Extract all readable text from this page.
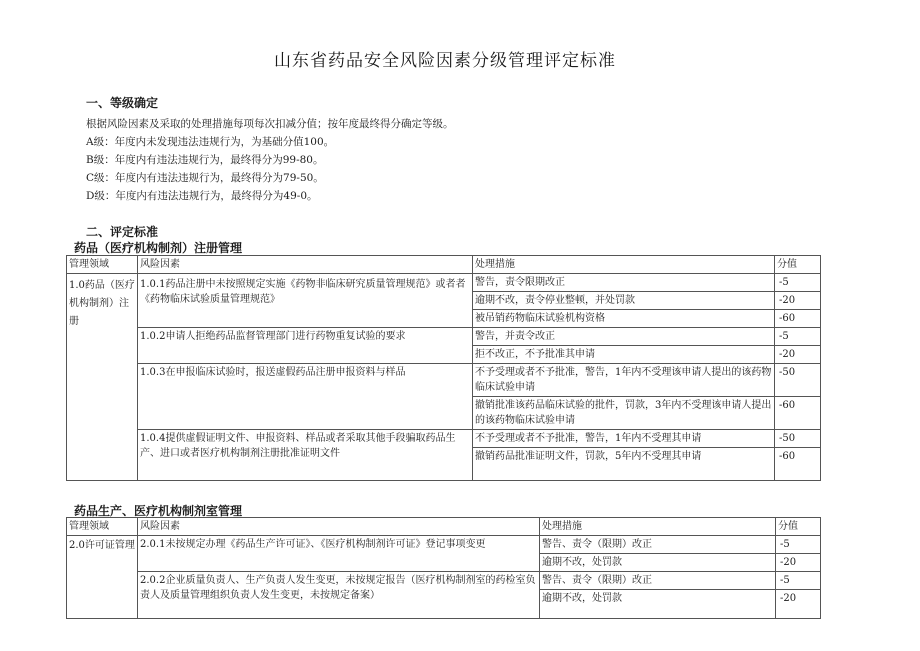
山东省药品安全风险因素分级管理评定标准
一、等级确定
根据风险因素及采取的处理措施每项每次扣减分值；按年度最终得分确定等级。
A级：年度内未发现违法违规行为，为基础分值100。
B级：年度内有违法违规行为，最终得分为99-80。
C级：年度内有违法违规行为，最终得分为79-50。
D级：年度内有违法违规行为，最终得分为49-0。
二、评定标准
药品（医疗机构制剂）注册管理
管理领域	风险因素	处理措施	分值
1.0药品（医疗机构制剂）注册	1.0.1药品注册中未按照规定实施《药物非临床研究质量管理规范》或者者《药物临床试验质量管理规范》	警告，责令限期改正	-5
		逾期不改，责令停业整顿，并处罚款	-20
		被吊销药物临床试验机构资格	-60
	1.0.2申请人拒绝药品监督管理部门进行药物重复试验的要求	警告，并责令改正	-5
		拒不改正，不予批准其申请	-20
	1.0.3在申报临床试验时，报送虚假药品注册申报资料与样品	不予受理或者不予批准，警告，1年内不受理该申请人提出的该药物临床试验申请	-50
		撤销批准该药品临床试验的批件，罚款，3年内不受理该申请人提出的该药物临床试验申请	-60
	1.0.4提供虚假证明文件、申报资料、样品或者采取其他手段骗取药品生产、进口或者医疗机构制剂注册批准证明文件	不予受理或者不予批准，警告，1年内不受理其申请	-50
		撤销药品批准证明文件，罚款，5年内不受理其申请	-60

药品生产、医疗机构制剂室管理
管理领域	风险因素	处理措施	分值
2.0许可证管理	2.0.1未按规定办理《药品生产许可证》、《医疗机构制剂许可证》登记事项变更	警告、责令（限期）改正	-5
		逾期不改，处罚款	-20
	2.0.2企业质量负责人、生产负责人发生变更，未按规定报告（医疗机构制剂室的药检室负责人及质量管理组织负责人发生变更，未按规定备案）	警告、责令（限期）改正	-5
		逾期不改，处罚款	-20
